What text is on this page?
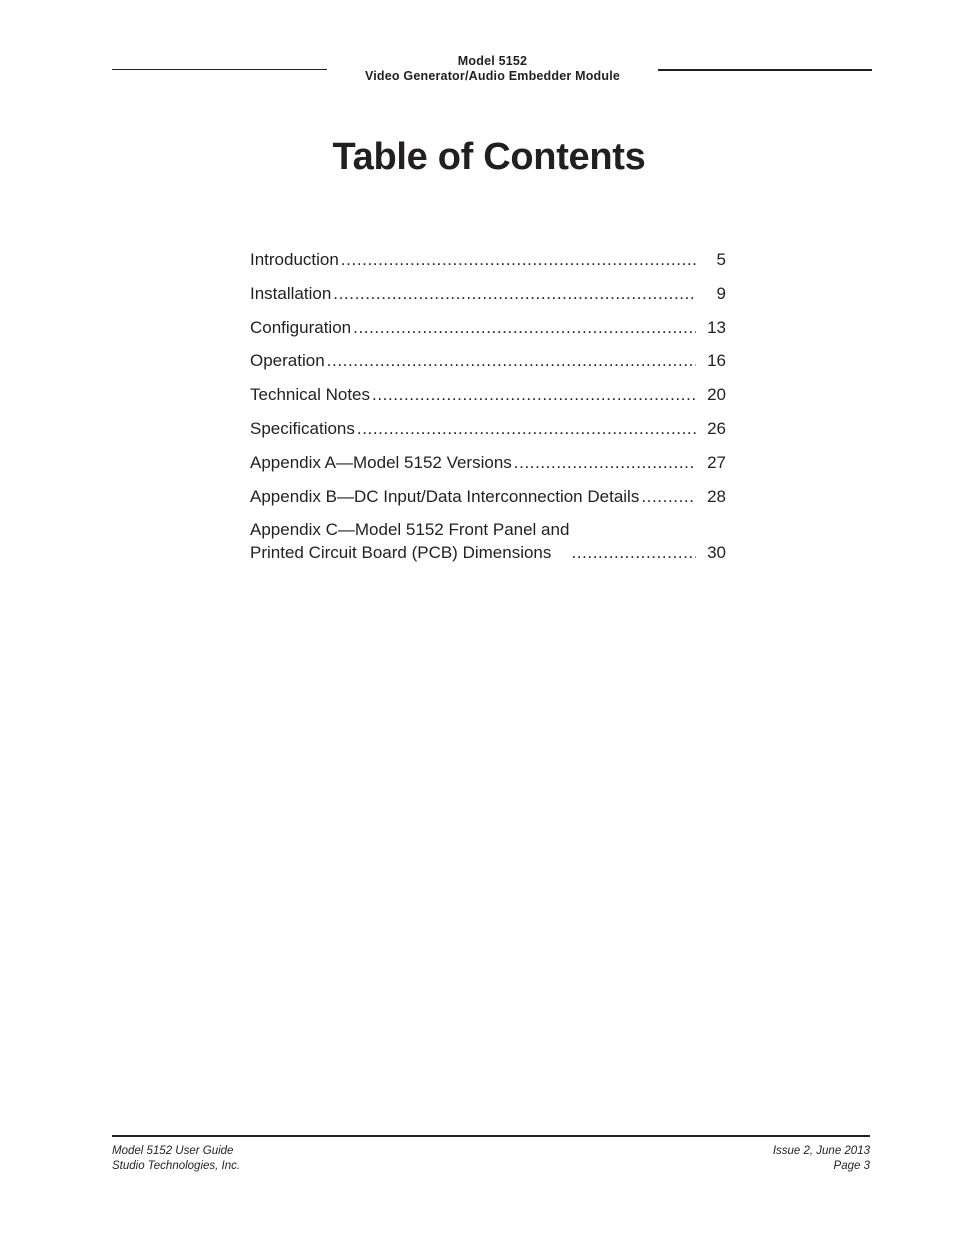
Model 5152
Video Generator/Audio Embedder Module
Table of Contents
Introduction .....	5
Installation .....	9
Configuration .....	13
Operation .....	16
Technical Notes .....	20
Specifications .....	26
Appendix A—Model 5152 Versions .....	27
Appendix B—DC Input/Data Interconnection Details .....	28
Appendix C—Model 5152 Front Panel and
Printed Circuit Board (PCB) Dimensions .....	30
Model 5152 User Guide
Studio Technologies, Inc.
Issue 2, June 2013
Page 3
